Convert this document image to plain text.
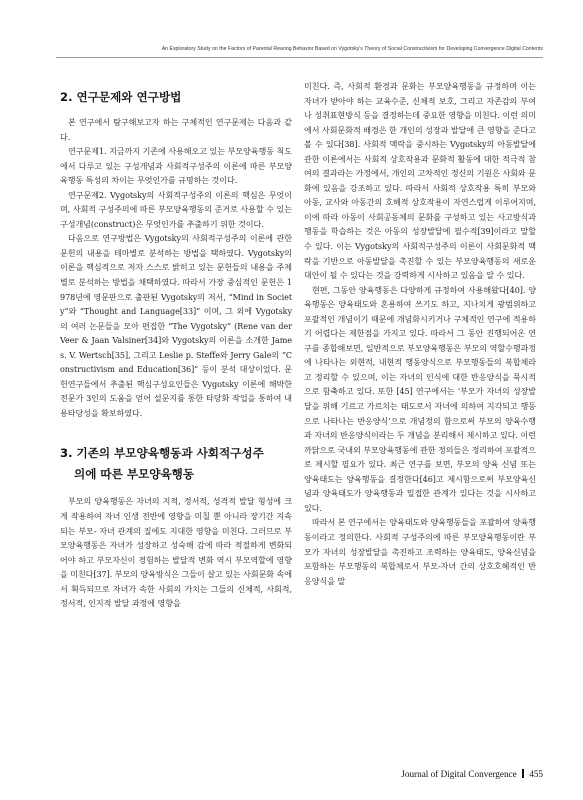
An Exploratory Study on the Factors of Parental Rearing Behavior Based on Vygotsky's Theory of Social Constructivism for Developing Convergence Digital Contents
2. 연구문제와 연구방법

본 연구에서 탐구해보고자 하는 구체적인 연구문제는 다음과 같다.

연구문제1. 지금까지 기존에 사용해오고 있는 부모양육행동 척도에서 다루고 있는 구성개념과 사회적구성주의 이론에 따른 부모양육행동 특성의 차이는 무엇인가를 규명하는 것이다.

연구문제2. Vygotsky의 사회적구성주의 이론의 핵심은 무엇이며, 사회적 구성주의에 따른 부모양육행동의 준거로 사용할 수 있는 구성개념(construct)은 무엇인가를 추출하기 위한 것이다.

다음으로 연구방법은 Vygotsky의 사회적구성주의 이론에 관한 문헌의 내용을 테마별로 분석하는 방법을 택하였다. Vygotsky의 이론을 핵심적으로 저자 스스로 밝히고 있는 문헌들의 내용을 주제별로 분석하는 방법을 채택하였다. 따라서 가장 중심적인 문헌은 1978년에 영문판으로 출판된 Vygotsky의 저서, “Mind in Society”와 “Thought and Language[33]” 이며, 그 외에 Vygotsky의 여러 논문들을 모아 편집한 “The Vygotsky” (Rene van der Veer & Jaan Valsiner[34]와 Vygotsky의 이론을 소개한 James. V. Wertsch[35], 그리고 Leslie p. Steffe와 Jerry Gale의 ”Constructivism and Education[36]” 등이 분석 대상이었다. 문헌연구들에서 추출된 핵심구성요인들은 Vygotsky 이론에 해박한 전문가 3인의 도움을 얻어 설문지를 통한 타당화 작업을 통하여 내용타당성을 확보하였다.

3. 기존의 부모양육행동과 사회적구성주
의에 따른 부모양육행동

부모의 양육행동은 자녀의 지적, 정서적, 성격적 발달 형성에 크게 작용하여 자녀 인생 전반에 영향을 미칠 뿐 아니라 장기간 지속되는 부모- 자녀 관계의 질에도 지대한 영향을 미친다. 그러므로 부모양육행동은 자녀가 성장하고 성숙해 감에 따라 적절하게 변화되어야 하고 부모자신이 경험하는 발달적 변화 역시 부모역할에 영향을 미친다[37]. 부모의 양육방식은 그들이 살고 있는 사회문화 속에서 획득되므로 자녀가 속한 사회의 가치는 그들의 신체적, 사회적, 정서적, 인지적 발달 과정에 영향을

미친다. 즉, 사회적 환경과 문화는 부모양육행동을 규정하며 이는 자녀가 받아야 하는 교육수준, 신체적 보호, 그리고 자존감의 부여나 성취표현방식 등을 결정하는데 중요한 영향을 미친다. 이런 의미에서 사회문화적 배경은 한 개인의 성장과 발달에 큰 영향을 준다고 볼 수 있다[38]. 사회적 맥락을 중시하는 Vygotsky의 아동발달에 관한 이론에서는 사회적 상호작용과 문화적 활동에 대한 적극적 참여의 결과라는 가정에서, 개인의 고차적인 정신의 기원은 사회와 문화에 있음을 강조하고 있다. 따라서 사회적 상호작용 특히 부모와 아동, 교사와 아동간의 호혜적 상호작용이 자연스럽게 이루어지며, 이에 따라 아동이 사회공동체의 문화를 구성하고 있는 사고방식과 행동을 학습하는 것은 아동의 성장발달에 필수적[39]이라고 말할 수 있다. 이는 Vygotsky의 사회적구성주의 이론이 사회문화적 맥락을 기반으로 아동발달을 촉진할 수 있는 부모양육행동의 새로운 대안이 될 수 있다는 것을 강력하게 시사하고 있음을 알 수 있다.

현편, 그동안 양육행동은 다양하게 규정하여 사용해왔다[40]. 양육행동은 양육태도와 혼용하여 쓰기도 하고, 지나치게 광범위하고 포괄적인 개념이기 때문에 개념화시키거나 구체적인 연구에 적용하기 어렵다는 제한점을 가지고 있다. 따라서 그 동안 진행되어온 연구를 종합해보면, 일반적으로 부모양육행동은 부모의 역할수행과정에 나타나는 외현적, 내현적 행동양식으로 부모행동들의 복합체라고 정리할 수 있으며, 이는 자녀의 인식에 대한 반응양식을 묵시적으로 함축하고 있다. 또한 [45] 연구에서는 ‘부모가 자녀의 성장발달을 위해 기르고 가르치는 태도로서 자녀에 의하여 지각되고 행동으로 나타나는 반응양식’으로 개념정의 함으로써 부모의 양육수행과 자녀의 반응양식이라는 두 개념을 분리해서 제시하고 있다. 이런 까닭으로 국내외 부모양육행동에 관한 정의들은 정리하여 포괄적으로 제시할 필요가 있다. 최근 연구를 보면, 부모의 양육 신념 또는 양육태도는 양육행동을 결정한다[46]고 제시함으로써 부모양육신념과 양육태도가 양육행동과 밀접한 관계가 있다는 것을 시사하고 있다.

따라서 본 연구에서는 양육태도와 양육행동들을 포괄하여 양육행동이라고 정의한다. 사회적 구성주의에 따른 부모양육행동이란 부모가 자녀의 성장발달을 촉진하고 조력하는 양육태도, 양육신념을 포함하는 부모행동의 복합체로서 부모-자녀 간의 상호호혜적인 반응양식을 말

Journal of Digital Convergence 455
